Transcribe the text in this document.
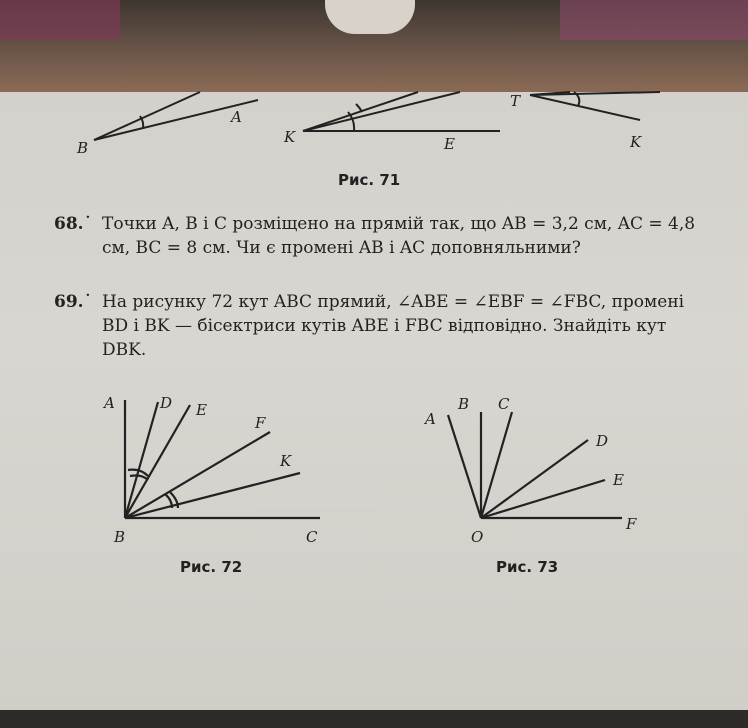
B
A
K	E
T
K
Рис. 71
A	D E
F
K
B	C
Рис. 72
A
B C
D
E
F
O
Рис. 73
68.˙ Точки A, B і C розміщено на прямій так, що AB = 3,2 см, AC = 4,8 см, BC = 8 см. Чи є промені AB і AC доповняльними?
69.˙ На рисунку 72 кут ABC прямий, ∠ABE = ∠EBF = ∠FBC, промені BD і BK — бісектриси кутів ABE і FBC відповідно. Знайдіть кут DBK.
